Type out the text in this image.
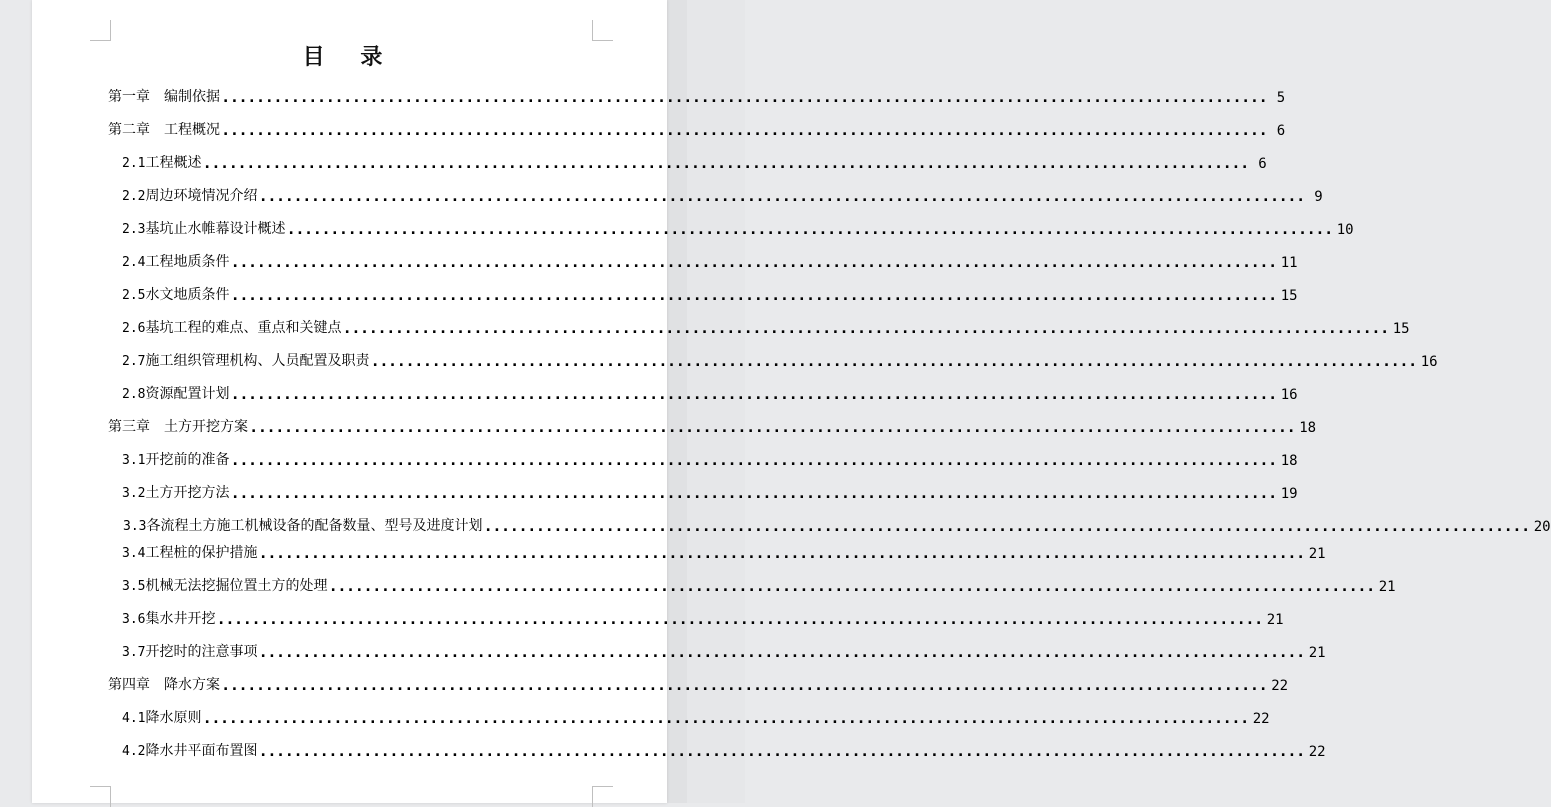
目 录
第一章 编制依据 ........................................................................................................................ 5
第二章 工程概况 ........................................................................................................................ 6
2.1工程概述 ........................................................................................................................ 6
2.2周边环境情况介绍 ........................................................................................................................ 9
2.3基坑止水帷幕设计概述 ........................................................................................................................ 10
2.4工程地质条件 ........................................................................................................................ 11
2.5水文地质条件 ........................................................................................................................ 15
2.6基坑工程的难点、重点和关键点 ........................................................................................................................ 15
2.7施工组织管理机构、人员配置及职责 ........................................................................................................................ 16
2.8资源配置计划 ........................................................................................................................ 16
第三章 土方开挖方案 ........................................................................................................................ 18
3.1开挖前的准备 ........................................................................................................................ 18
3.2土方开挖方法 ........................................................................................................................ 19
3.3各流程土方施工机械设备的配备数量、型号及进度计划 ........................................................................................................................ 20
3.4工程桩的保护措施 ........................................................................................................................ 21
3.5机械无法挖掘位置土方的处理 ........................................................................................................................ 21
3.6集水井开挖 ........................................................................................................................ 21
3.7开挖时的注意事项 ........................................................................................................................ 21
第四章 降水方案 ........................................................................................................................ 22
4.1降水原则 ........................................................................................................................ 22
4.2降水井平面布置图 ........................................................................................................................ 22
